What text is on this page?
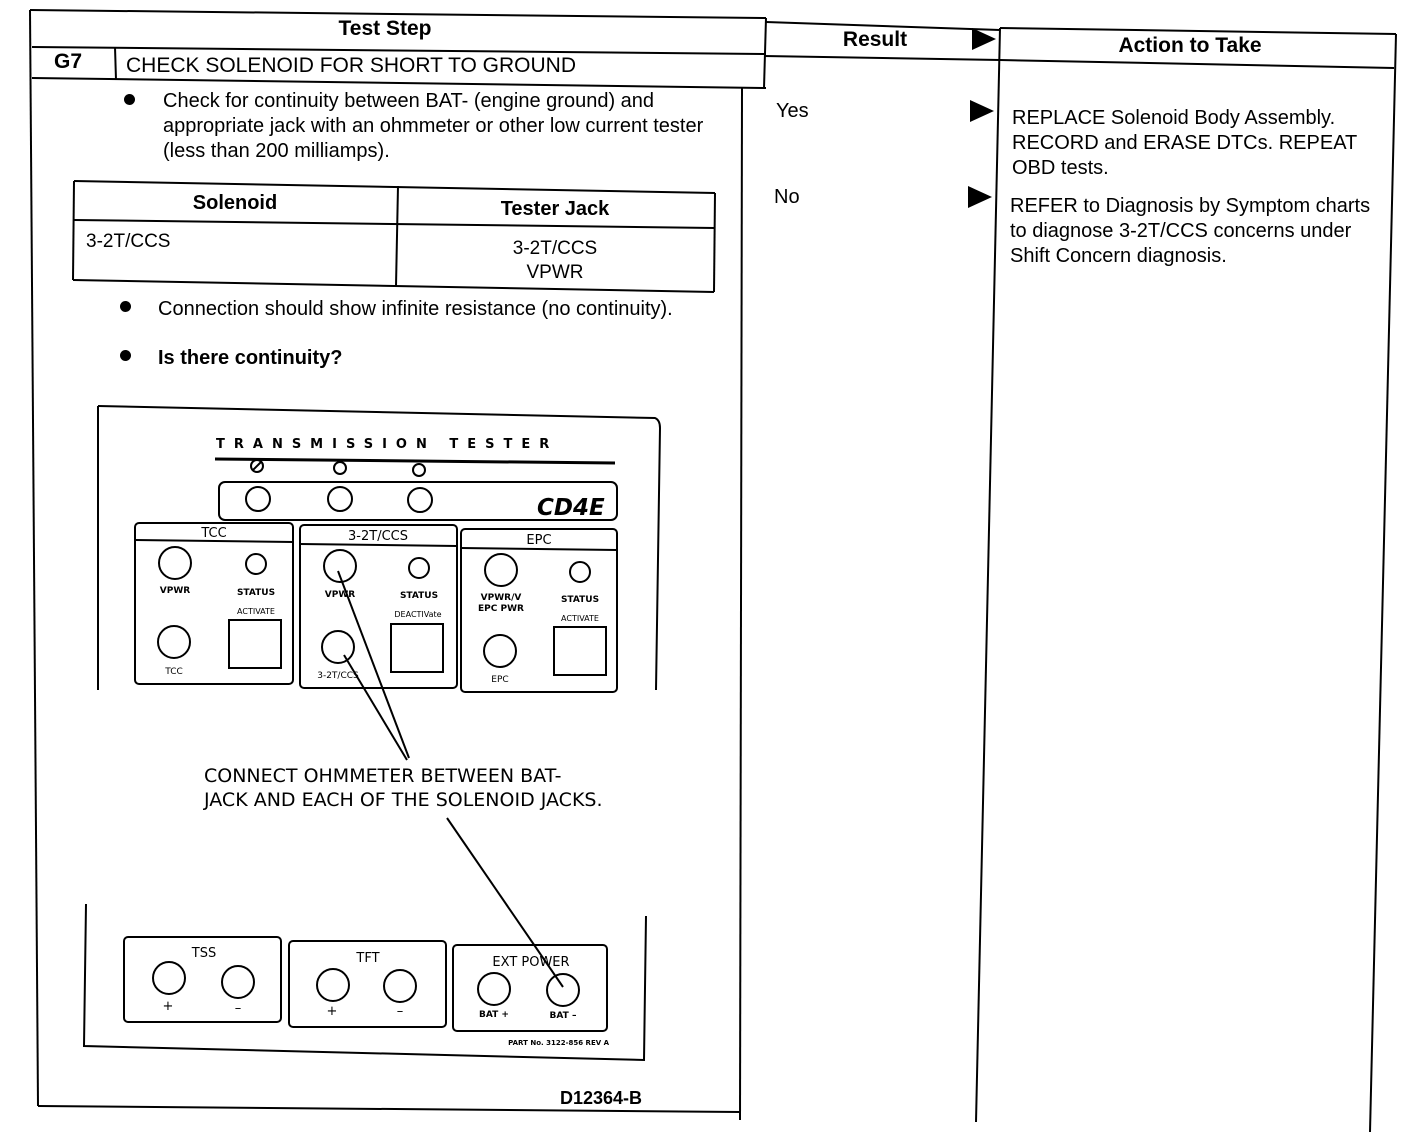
Test Step	Result	Action to Take
G7 CHECK SOLENOID FOR SHORT TO GROUND
Check for continuity between BAT- (engine ground) and appropriate jack with an ohmmeter or other low current tester (less than 200 milliamps).
Solenoid	Tester Jack
3-2T/CCS	3-2T/CCS
VPWR
Connection should show infinite resistance (no continuity).
Is there continuity?
Yes	REPLACE Solenoid Body Assembly. RECORD and ERASE DTCs. REPEAT OBD tests.
No	REFER to Diagnosis by Symptom charts to diagnose 3-2T/CCS concerns under Shift Concern diagnosis.
TRANSMISSION TESTER
CD4E
TCC
VPWR	STATUS
ACTIVATE
TCC
3-2T/CCS
VPWR	STATUS
DEACTIVate
3-2T/CCS
EPC
VPWR/V
EPC PWR
STATUS
ACTIVATE
EPC
CONNECT OHMMETER BETWEEN BAT-
JACK AND EACH OF THE SOLENOID JACKS.
TSS
+	–
TFT
+	–
EXT POWER
BAT +	BAT –
PART No. 3122-856 REV A
D12364-B
